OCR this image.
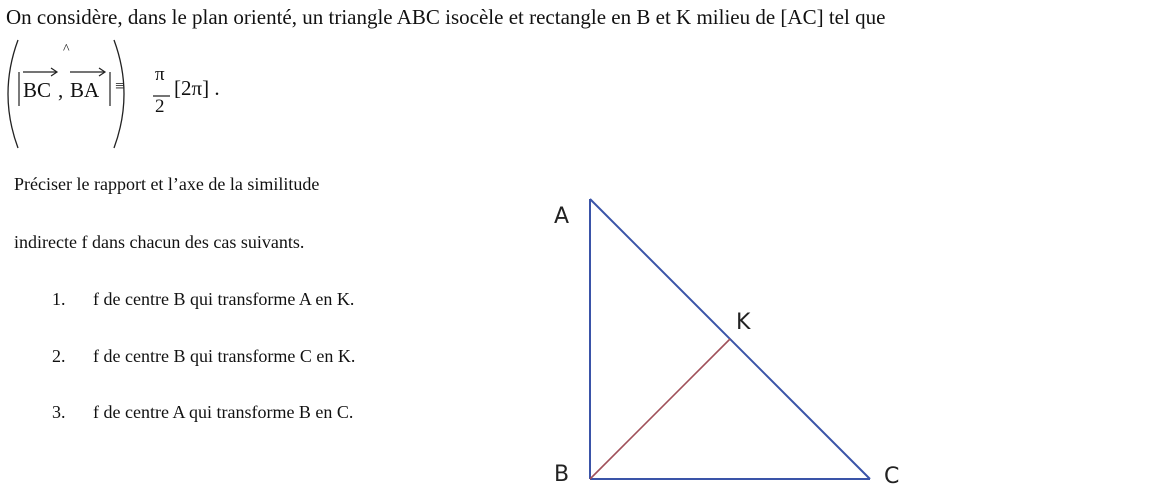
On considère, dans le plan orienté, un triangle ABC isocèle et rectangle en B et K milieu de [AC] tel que
^
BC , BA ≡
π
2
[2π] .
Préciser le rapport et l’axe de la similitude
indirecte f dans chacun des cas suivants.
1. f de centre B qui transforme A en K.
2. f de centre B qui transforme C en K.
3. f de centre A qui transforme B en C.
A
B	C
K
